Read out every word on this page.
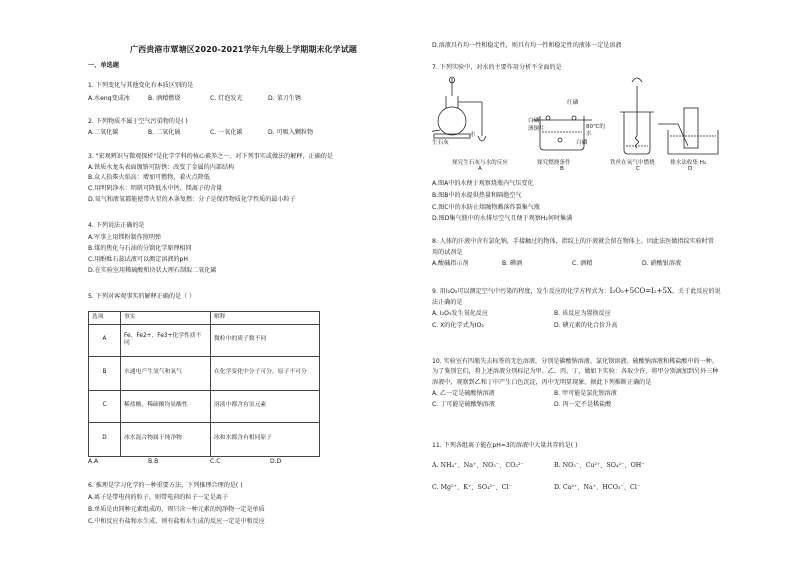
广西贵港市覃塘区2020-2021学年九年级上学期期末化学试题
一、单选题
1. 下列变化与其他变化有本质区别的是
A.水enq变成冰	B. 酒精燃烧	C. 灯泡发光	D. 菜刀生锈
2. 下列物质不属于空气污染物的是( )
A.二氧化碳	B. 二氧化硫	C. 一氧化碳	D. 可吸入颗粒物
3. "宏观辨识与微观探析"是化学学科的核心素养之一。对下列事实或做法的解释，正确的是
A.铁质水龙头表面镀铬可防锈：改变了金属的内部结构
B.众人拾柴火焰高：增加可燃物，着火点降低
C.用明矾净水：明矾可降低水中钙、镁离子的含量
D.氧气和液氧都能使带火星的木条复燃：分子是保持物质化学性质的最小粒子
4. 下列说法正确的是
A.军事上用镁粉制作照明弹
B.煤的焦化与石油的分馏化学原理相同
C.用酚酞石蕊试液可以测定溶液的pH
D.在实验室用稀硫酸和块状大理石制取二氧化碳
5. 下列对客观事实的解释正确的是（ ）
选项	事实	解释
A	Fe、Fe2+、Fe3+化学性质不同	微粒中的质子数不同
B	水通电产生氢气和氧气	在化学变化中分子可分，原子不可分
C	稀盐酸、稀硫酸均显酸性	溶液中都含有氢元素
D	冰水混合物属于纯净物	冰和水都含有相同原子
A.A	B.B	C.C	D.D
6. 推理是学习化学的一种重要方法，下列推理合理的是( )
A.离子是带电荷的粒子，则带电荷的粒子一定是离子
B.单质是由同种元素组成的，则只含一种元素的纯净物一定是单质
C.中和反应有盐和水生成，则有盐和水生成的反应一定是中和反应
D.溶液具有均一性和稳定性，则具有均一性和稳定性的液体一定是溶液
7. 下列实验中，对水的主要作用分析不全面的是
生石灰
水
红磷
白磷
薄铜片	80℃的水
白磷
探究生石灰与水的反应	探究燃烧条件	铁丝在氧气中燃烧	排水法收集 H₂
A	B	C	D
A.图A中的水便于观察烧瓶内气压变化
B.图B中的水提供热量和隔绝空气
C.图C中的水防止熔融物溅落炸裂集气瓶
D.图D集气瓶中的水排尽空气且便于观察H₂何时集满
8. 人体的汗液中含有氯化钠，手接触过的物体，指纹上的汗液就会留在物体上。因此法医做指纹实验时常
用的试剂是
A.酸碱指示剂	B. 碘酒	C. 酒精	D. 硝酸银溶液
9. 用I₂O₅可以测定空气中污染的程度，发生反应的化学方程式为：I₂O₅+5CO=I₂+5X，关于此反应的说
法正确的是
A. I₂O₅发生氧化反应	B. 该反应为置换反应
C. X的化学式为IO₂	D. 碘元素的化合价升高
10. 实验室有四瓶失去标签的无色溶液，分别是碳酸钠溶液、氯化钡溶液、硫酸钠溶液和稀盐酸中的一种。
为了鉴别它们，将上述溶液分别标记为甲、乙、丙、丁，做如下实验：各取少许，将甲分别滴加到另外三种
溶液中，观察到乙和丁中产生白色沉淀，丙中无明显现象。据此下列推断正确的是
A. 乙一定是硫酸钠溶液	B. 甲可能是氯化钡溶液
C. 丁可能是硫酸钠溶液	D. 丙一定不是稀盐酸
11. 下列各组离子能在pH=3的溶液中大量共存的是( )
A. NH₄⁺、Na⁺、NO₃⁻、CO₃²⁻	B. NO₃⁻、Cu²⁺、SO₄²⁻、OH⁻
C. Mg²⁺、K⁺、SO₄²⁻、Cl⁻	D. Ca²⁺、Na⁺、HCO₃⁻、Cl⁻
